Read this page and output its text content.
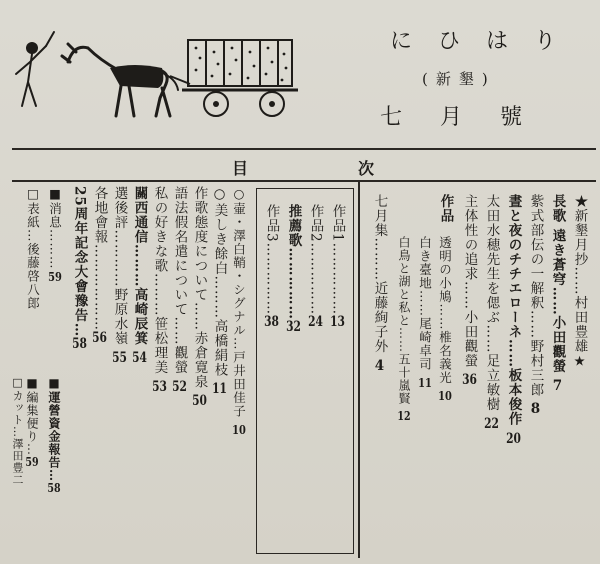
にひはり
(新墾)
七月號
目次
★新墾月抄……村田豊雄★
長歌 遠き蒼穹……小田觀螢 7
紫式部伝の一解釈……野村三郎 8
晝と夜のチチエローネ……板本俊作 20
太田水穂先生を偲ぶ……足立敏樹 22
主体性の追求……小田觀螢 36
作品
透明の小鳩……椎名義光 10
白き臺地……尾崎卓司 11
白鳥と湖と私と……五十嵐賢 12
七月集………近藤絢子外 4
作品1……………13
作品2……………24
推薦歌……………32
作品3……………38
○壷・澤白鞘・シグナル…戸井田佳子 10
○美しき餘白………高橋絹枝 11
作歌態度について……赤倉寛泉 50
語法假名遣について……觀螢 52
私の好きな歌………笹松理美 53
關西通信………高崎辰箕 54
選後評…………野原水嶺 55
各地會報………………56
25周年記念大會豫告…58
■消息………59
□表紙…後藤啓八郎
■運營資金報告…58
■編集便り…59
□カット…澤田豊二
